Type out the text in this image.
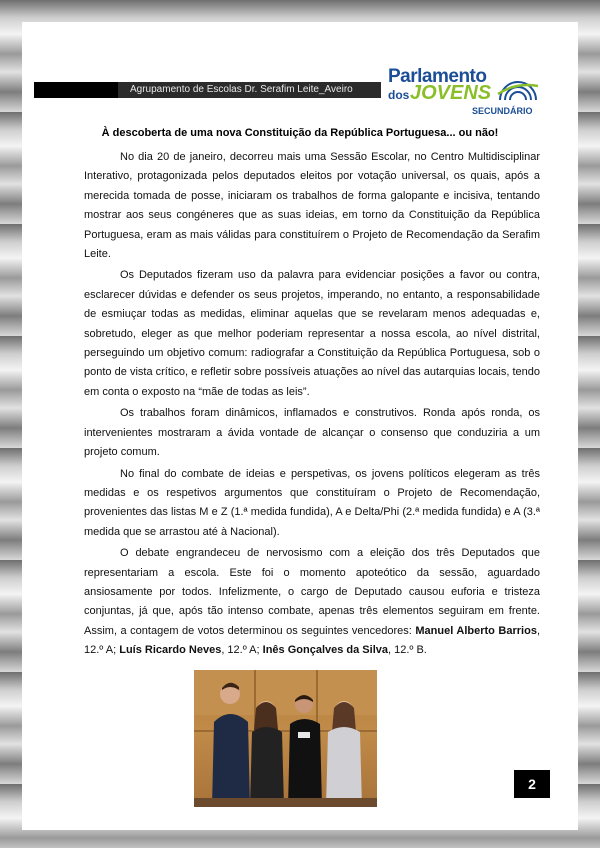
Agrupamento de Escolas Dr. Serafim Leite_Aveiro
Parlamento
dos JOVENS
SECUNDÁRIO
À descoberta de uma nova Constituição da República Portuguesa... ou não!

No dia 20 de janeiro, decorreu mais uma Sessão Escolar, no Centro Multidisciplinar Interativo, protagonizada pelos deputados eleitos por votação universal, os quais, após a merecida tomada de posse, iniciaram os trabalhos de forma galopante e incisiva, tentando mostrar aos seus congéneres que as suas ideias, em torno da Constituição da República Portuguesa, eram as mais válidas para constituírem o Projeto de Recomendação da Serafim Leite.

Os Deputados fizeram uso da palavra para evidenciar posições a favor ou contra, esclarecer dúvidas e defender os seus projetos, imperando, no entanto, a responsabilidade de esmiuçar todas as medidas, eliminar aquelas que se revelaram menos adequadas e, sobretudo, eleger as que melhor poderiam representar a nossa escola, ao nível distrital, perseguindo um objetivo comum: radiografar a Constituição da República Portuguesa, sob o ponto de vista crítico, e refletir sobre possíveis atuações ao nível das autarquias locais, tendo em conta o exposto na “mãe de todas as leis”.

Os trabalhos foram dinâmicos, inflamados e construtivos. Ronda após ronda, os intervenientes mostraram a ávida vontade de alcançar o consenso que conduziria a um projeto comum.

No final do combate de ideias e perspetivas, os jovens políticos elegeram as três medidas e os respetivos argumentos que constituíram o Projeto de Recomendação, provenientes das listas M e Z (1.ª medida fundida), A e Delta/Phi (2.ª medida fundida) e A (3.ª medida que se arrastou até à Nacional).

O debate engrandeceu de nervosismo com a eleição dos três Deputados que representariam a escola. Este foi o momento apoteótico da sessão, aguardado ansiosamente por todos. Infelizmente, o cargo de Deputado causou euforia e tristeza conjuntas, já que, após tão intenso combate, apenas três elementos seguiram em frente. Assim, a contagem de votos determinou os seguintes vencedores: Manuel Alberto Barrios, 12.º A; Luís Ricardo Neves, 12.º A; Inês Gonçalves da Silva, 12.º B.

2
